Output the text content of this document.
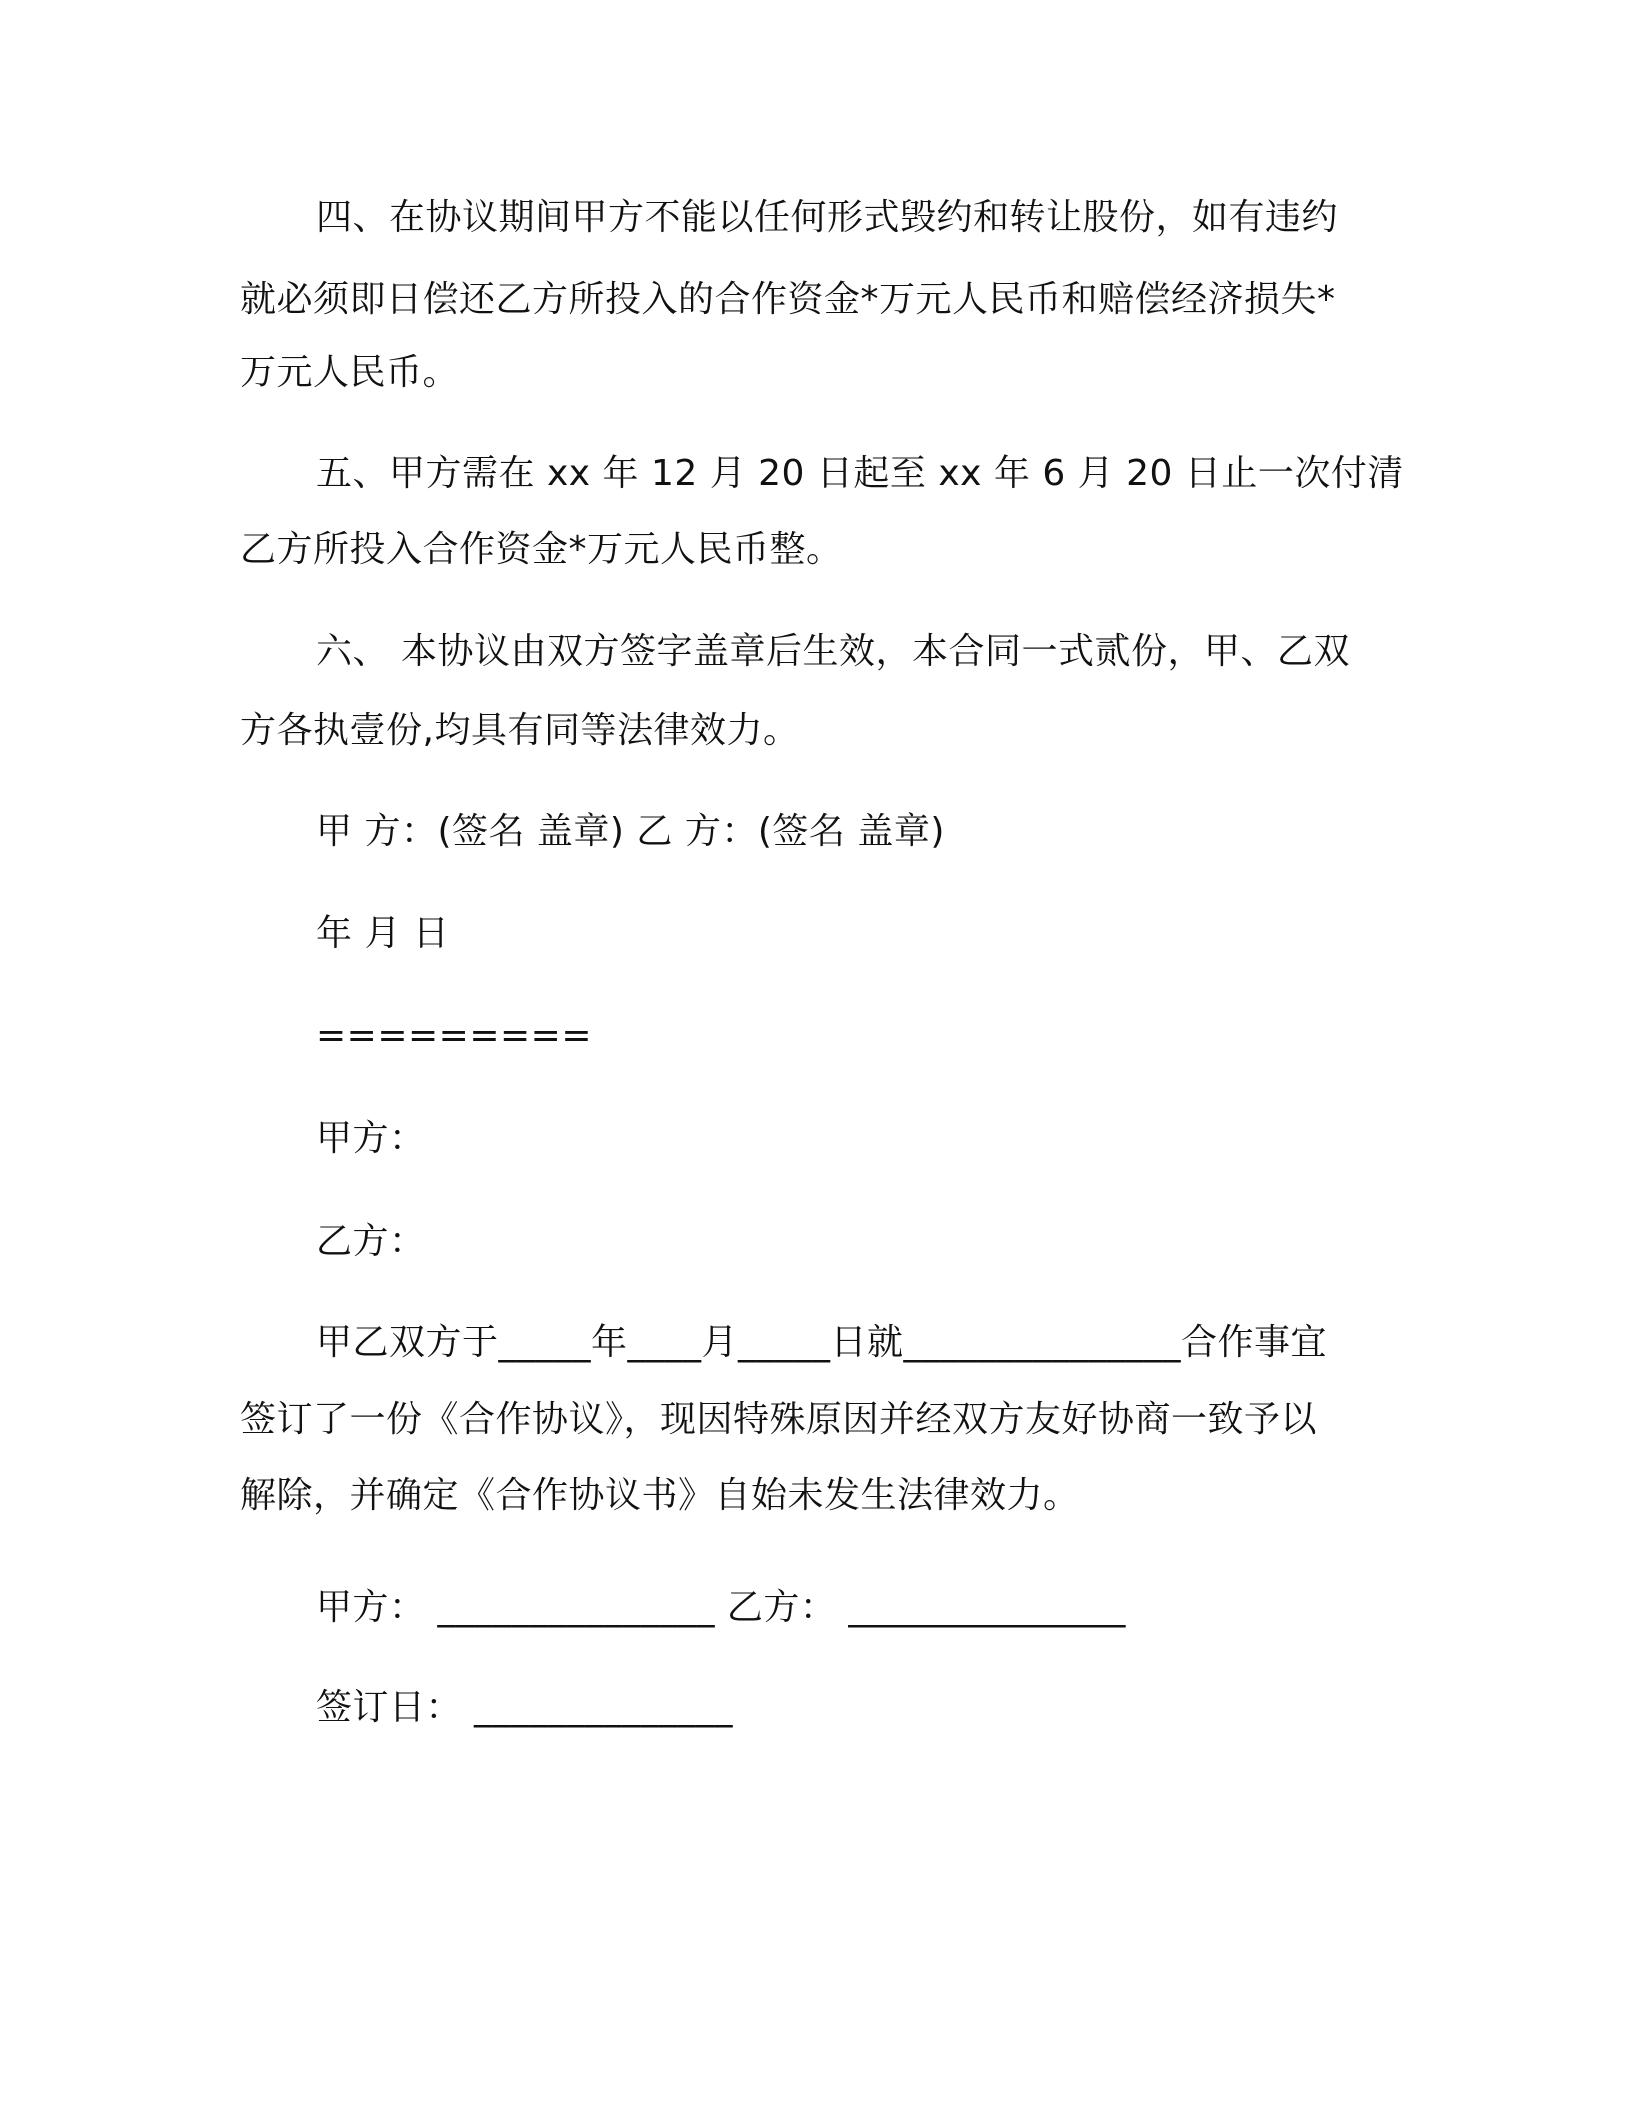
四、在协议期间甲方不能以任何形式毁约和转让股份，如有违约
就必须即日偿还乙方所投入的合作资金*万元人民币和赔偿经济损失*
万元人民币。
五、甲方需在 xx 年 12 月 20 日起至 xx 年 6 月 20 日止一次付清
乙方所投入合作资金*万元人民币整。
六、 本协议由双方签字盖章后生效，本合同一式贰份，甲、乙双
方各执壹份,均具有同等法律效力。
甲 方：(签名 盖章) 乙 方：(签名 盖章)
年 月 日
=========
甲方：
乙方：
甲乙双方于_____年____月_____日就_______________合作事宜
签订了一份《合作协议》，现因特殊原因并经双方友好协商一致予以
解除，并确定《合作协议书》自始未发生法律效力。
甲方： _______________ 乙方： _______________
签订日： ______________
